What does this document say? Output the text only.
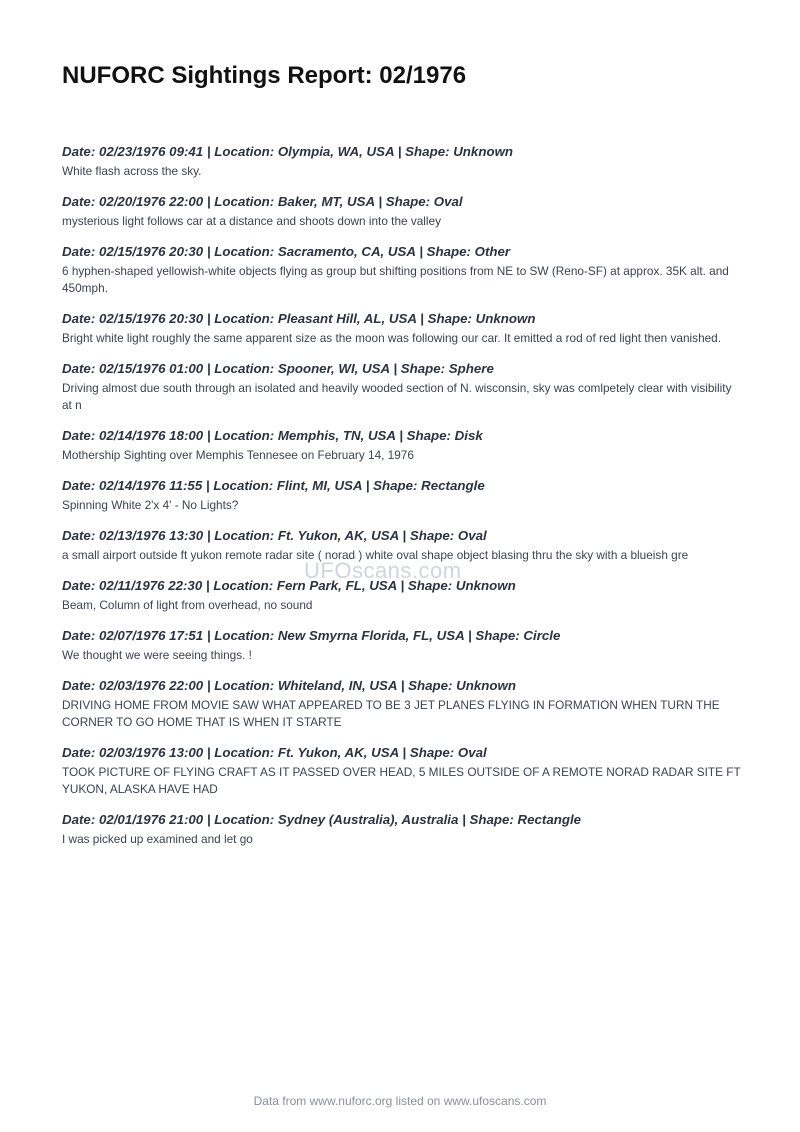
NUFORC Sightings Report: 02/1976
Date: 02/23/1976 09:41 | Location: Olympia, WA, USA | Shape: Unknown
White flash across the sky.
Date: 02/20/1976 22:00 | Location: Baker, MT, USA | Shape: Oval
mysterious light follows car at a distance and shoots down into the valley
Date: 02/15/1976 20:30 | Location: Sacramento, CA, USA | Shape: Other
6 hyphen-shaped yellowish-white objects flying as group but shifting positions from NE to SW (Reno-SF) at approx. 35K alt. and 450mph.
Date: 02/15/1976 20:30 | Location: Pleasant Hill, AL, USA | Shape: Unknown
Bright white light roughly the same apparent size as the moon was following our car. It emitted a rod of red light then vanished.
Date: 02/15/1976 01:00 | Location: Spooner, WI, USA | Shape: Sphere
Driving almost due south through an isolated and heavily wooded section of N. wisconsin, sky was comlpetely clear with visibility at n
Date: 02/14/1976 18:00 | Location: Memphis, TN, USA | Shape: Disk
Mothership Sighting over Memphis Tennesee on February 14, 1976
Date: 02/14/1976 11:55 | Location: Flint, MI, USA | Shape: Rectangle
Spinning White 2'x 4' - No Lights?
Date: 02/13/1976 13:30 | Location: Ft. Yukon, AK, USA | Shape: Oval
a small airport outside ft yukon remote radar site ( norad ) white oval shape object blasing thru the sky with a blueish gre
Date: 02/11/1976 22:30 | Location: Fern Park, FL, USA | Shape: Unknown
Beam, Column of light from overhead, no sound
Date: 02/07/1976 17:51 | Location: New Smyrna Florida, FL, USA | Shape: Circle
We thought we were seeing things. !
Date: 02/03/1976 22:00 | Location: Whiteland, IN, USA | Shape: Unknown
DRIVING HOME FROM MOVIE SAW WHAT APPEARED TO BE 3 JET PLANES FLYING IN FORMATION WHEN TURN THE CORNER TO GO HOME THAT IS WHEN IT STARTE
Date: 02/03/1976 13:00 | Location: Ft. Yukon, AK, USA | Shape: Oval
TOOK PICTURE OF FLYING CRAFT AS IT PASSED OVER HEAD, 5 MILES OUTSIDE OF A REMOTE NORAD RADAR SITE FT YUKON, ALASKA HAVE HAD
Date: 02/01/1976 21:00 | Location: Sydney (Australia), Australia | Shape: Rectangle
I was picked up examined and let go
UFOscans.com
Data from www.nuforc.org listed on www.ufoscans.com
